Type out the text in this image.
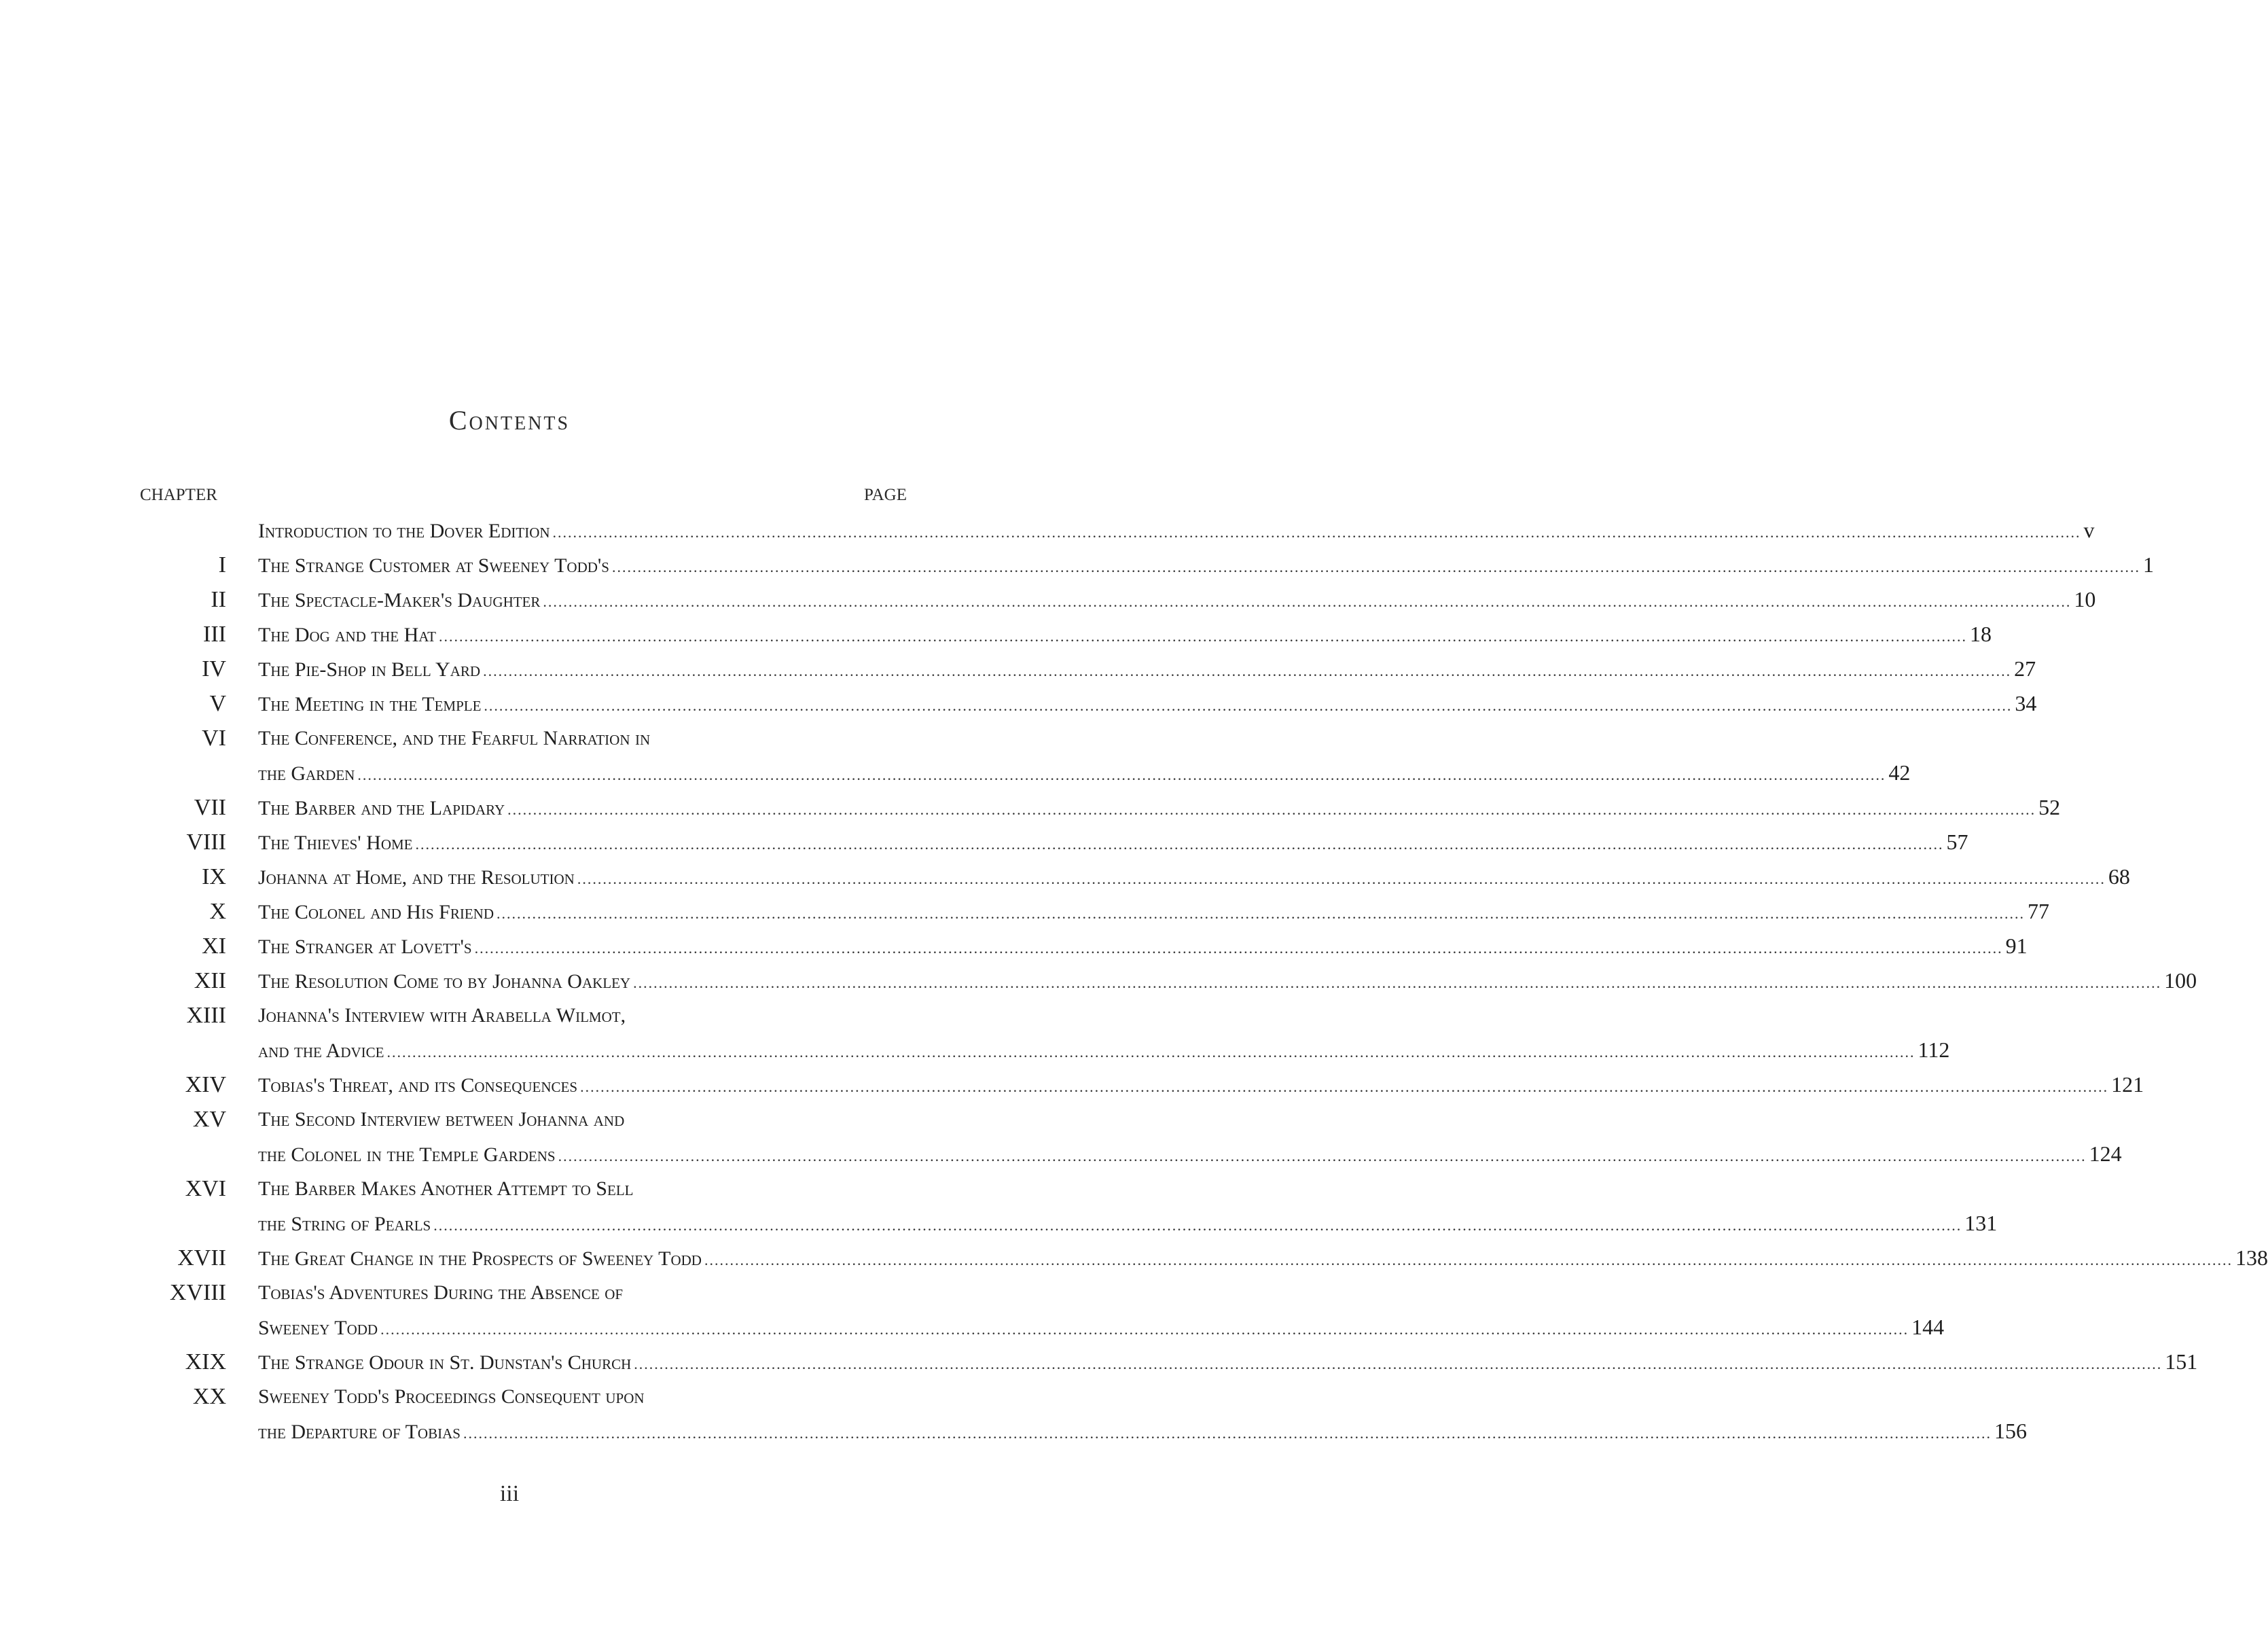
Contents
CHAPTER	PAGE
Introduction to the Dover Edition ............................................................................................................................................................................................................................................................................................................ v
I The Strange Customer at Sweeney Todd's ............................................................................................................................................................................................................................................................................................................ 1
II The Spectacle-Maker's Daughter ............................................................................................................................................................................................................................................................................................................ 10
III The Dog and the Hat ............................................................................................................................................................................................................................................................................................................ 18
IV The Pie-Shop in Bell Yard ............................................................................................................................................................................................................................................................................................................ 27
V The Meeting in the Temple ............................................................................................................................................................................................................................................................................................................ 34
VI The Conference, and the Fearful Narration in
the Garden ............................................................................................................................................................................................................................................................................................................ 42
VII The Barber and the Lapidary ............................................................................................................................................................................................................................................................................................................ 52
VIII The Thieves' Home ............................................................................................................................................................................................................................................................................................................ 57
IX Johanna at Home, and the Resolution ............................................................................................................................................................................................................................................................................................................ 68
X The Colonel and His Friend ............................................................................................................................................................................................................................................................................................................ 77
XI The Stranger at Lovett's ............................................................................................................................................................................................................................................................................................................ 91
XII The Resolution Come to by Johanna Oakley ............................................................................................................................................................................................................................................................................................................ 100
XIII Johanna's Interview with Arabella Wilmot,
and the Advice ............................................................................................................................................................................................................................................................................................................ 112
XIV Tobias's Threat, and its Consequences ............................................................................................................................................................................................................................................................................................................ 121
XV The Second Interview between Johanna and
the Colonel in the Temple Gardens ............................................................................................................................................................................................................................................................................................................ 124
XVI The Barber Makes Another Attempt to Sell
the String of Pearls ............................................................................................................................................................................................................................................................................................................ 131
XVII The Great Change in the Prospects of Sweeney Todd ............................................................................................................................................................................................................................................................................................................ 138
XVIII Tobias's Adventures During the Absence of
Sweeney Todd ............................................................................................................................................................................................................................................................................................................ 144
XIX The Strange Odour in St. Dunstan's Church ............................................................................................................................................................................................................................................................................................................ 151
XX Sweeney Todd's Proceedings Consequent upon
the Departure of Tobias ............................................................................................................................................................................................................................................................................................................ 156
iii
